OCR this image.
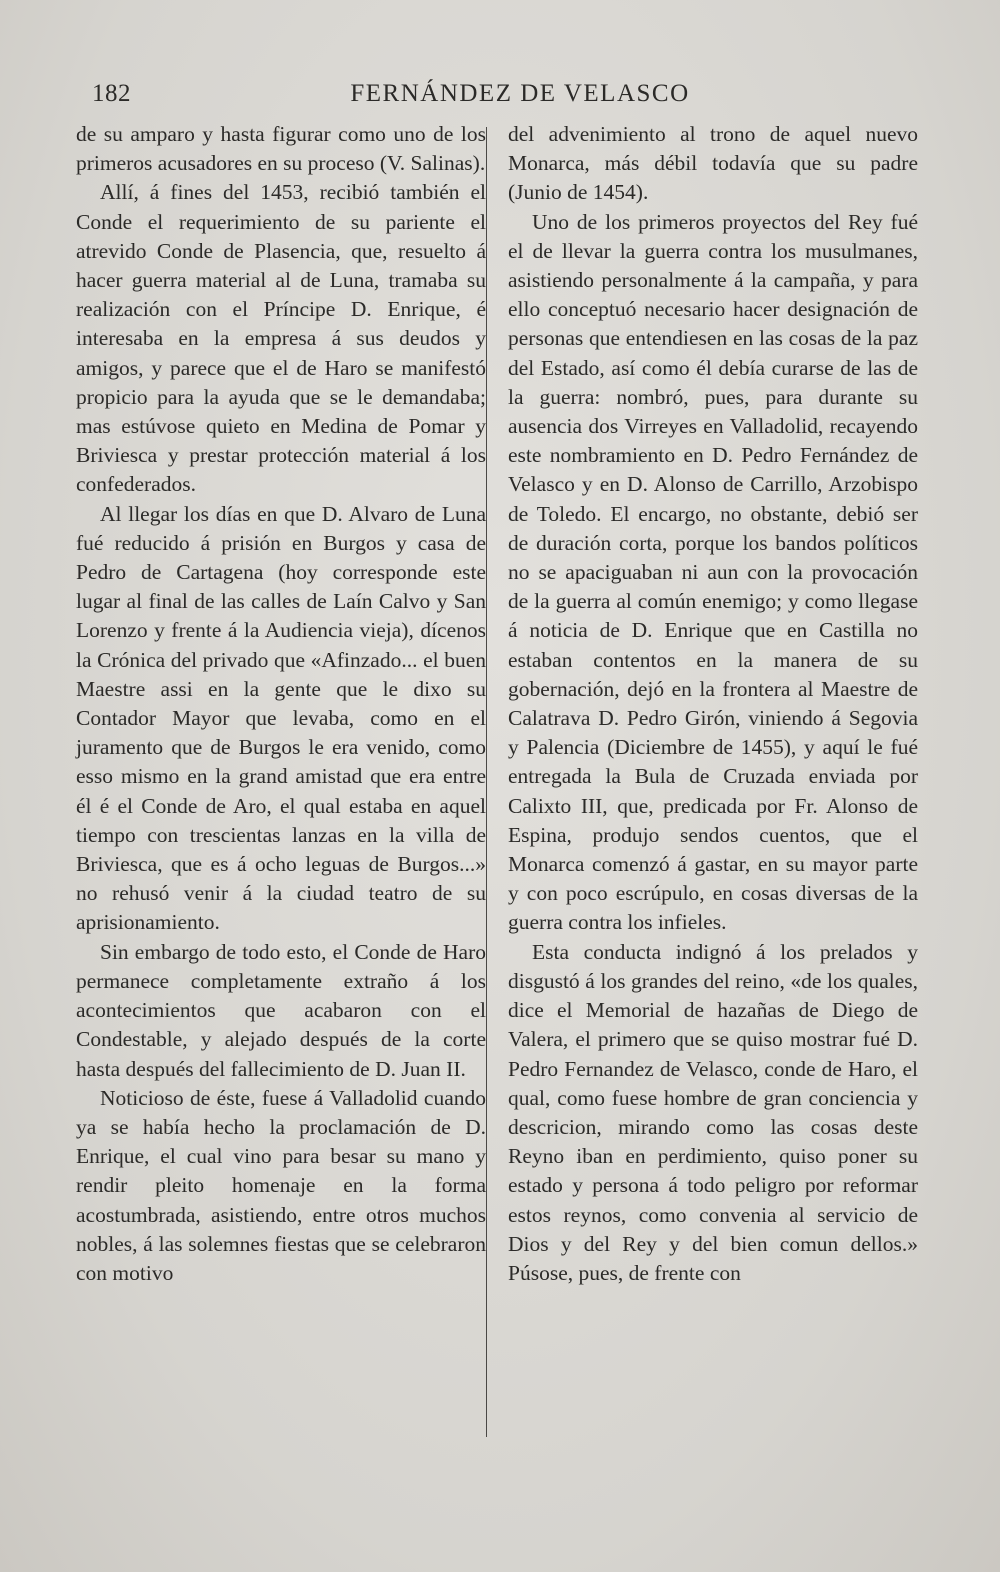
182	FERNÁNDEZ DE VELASCO

de su amparo y hasta figurar como uno de los primeros acusadores en su proceso (V. Salinas).

Allí, á fines del 1453, recibió también el Conde el requerimiento de su pariente el atrevido Conde de Plasencia, que, resuelto á hacer guerra material al de Luna, tramaba su realización con el Príncipe D. Enrique, é interesaba en la empresa á sus deudos y amigos, y parece que el de Haro se manifestó propicio para la ayuda que se le demandaba; mas estúvose quieto en Medina de Pomar y Briviesca y prestar protección material á los confederados.

Al llegar los días en que D. Alvaro de Luna fué reducido á prisión en Burgos y casa de Pedro de Cartagena (hoy corresponde este lugar al final de las calles de Laín Calvo y San Lorenzo y frente á la Audiencia vieja), dícenos la Crónica del privado que «Afinzado... el buen Maestre assi en la gente que le dixo su Contador Mayor que levaba, como en el juramento que de Burgos le era venido, como esso mismo en la grand amistad que era entre él é el Conde de Aro, el qual estaba en aquel tiempo con trescientas lanzas en la villa de Briviesca, que es á ocho leguas de Burgos...» no rehusó venir á la ciudad teatro de su aprisionamiento.

Sin embargo de todo esto, el Conde de Haro permanece completamente extraño á los acontecimientos que acabaron con el Condestable, y alejado después de la corte hasta después del fallecimiento de D. Juan II.

Noticioso de éste, fuese á Valladolid cuando ya se había hecho la proclamación de D. Enrique, el cual vino para besar su mano y rendir pleito homenaje en la forma acostumbrada, asistiendo, entre otros muchos nobles, á las solemnes fiestas que se celebraron con motivo

del advenimiento al trono de aquel nuevo Monarca, más débil todavía que su padre (Junio de 1454).

Uno de los primeros proyectos del Rey fué el de llevar la guerra contra los musulmanes, asistiendo personalmente á la campaña, y para ello conceptuó necesario hacer designación de personas que entendiesen en las cosas de la paz del Estado, así como él debía curarse de las de la guerra: nombró, pues, para durante su ausencia dos Virreyes en Valladolid, recayendo este nombramiento en D. Pedro Fernández de Velasco y en D. Alonso de Carrillo, Arzobispo de Toledo. El encargo, no obstante, debió ser de duración corta, porque los bandos políticos no se apaciguaban ni aun con la provocación de la guerra al común enemigo; y como llegase á noticia de D. Enrique que en Castilla no estaban contentos en la manera de su gobernación, dejó en la frontera al Maestre de Calatrava D. Pedro Girón, viniendo á Segovia y Palencia (Diciembre de 1455), y aquí le fué entregada la Bula de Cruzada enviada por Calixto III, que, predicada por Fr. Alonso de Espina, produjo sendos cuentos, que el Monarca comenzó á gastar, en su mayor parte y con poco escrúpulo, en cosas diversas de la guerra contra los infieles.

Esta conducta indignó á los prelados y disgustó á los grandes del reino, «de los quales, dice el Memorial de hazañas de Diego de Valera, el primero que se quiso mostrar fué D. Pedro Fernandez de Velasco, conde de Haro, el qual, como fuese hombre de gran conciencia y descricion, mirando como las cosas deste Reyno iban en perdimiento, quiso poner su estado y persona á todo peligro por reformar estos reynos, como convenia al servicio de Dios y del Rey y del bien comun dellos.» Púsose, pues, de frente con
